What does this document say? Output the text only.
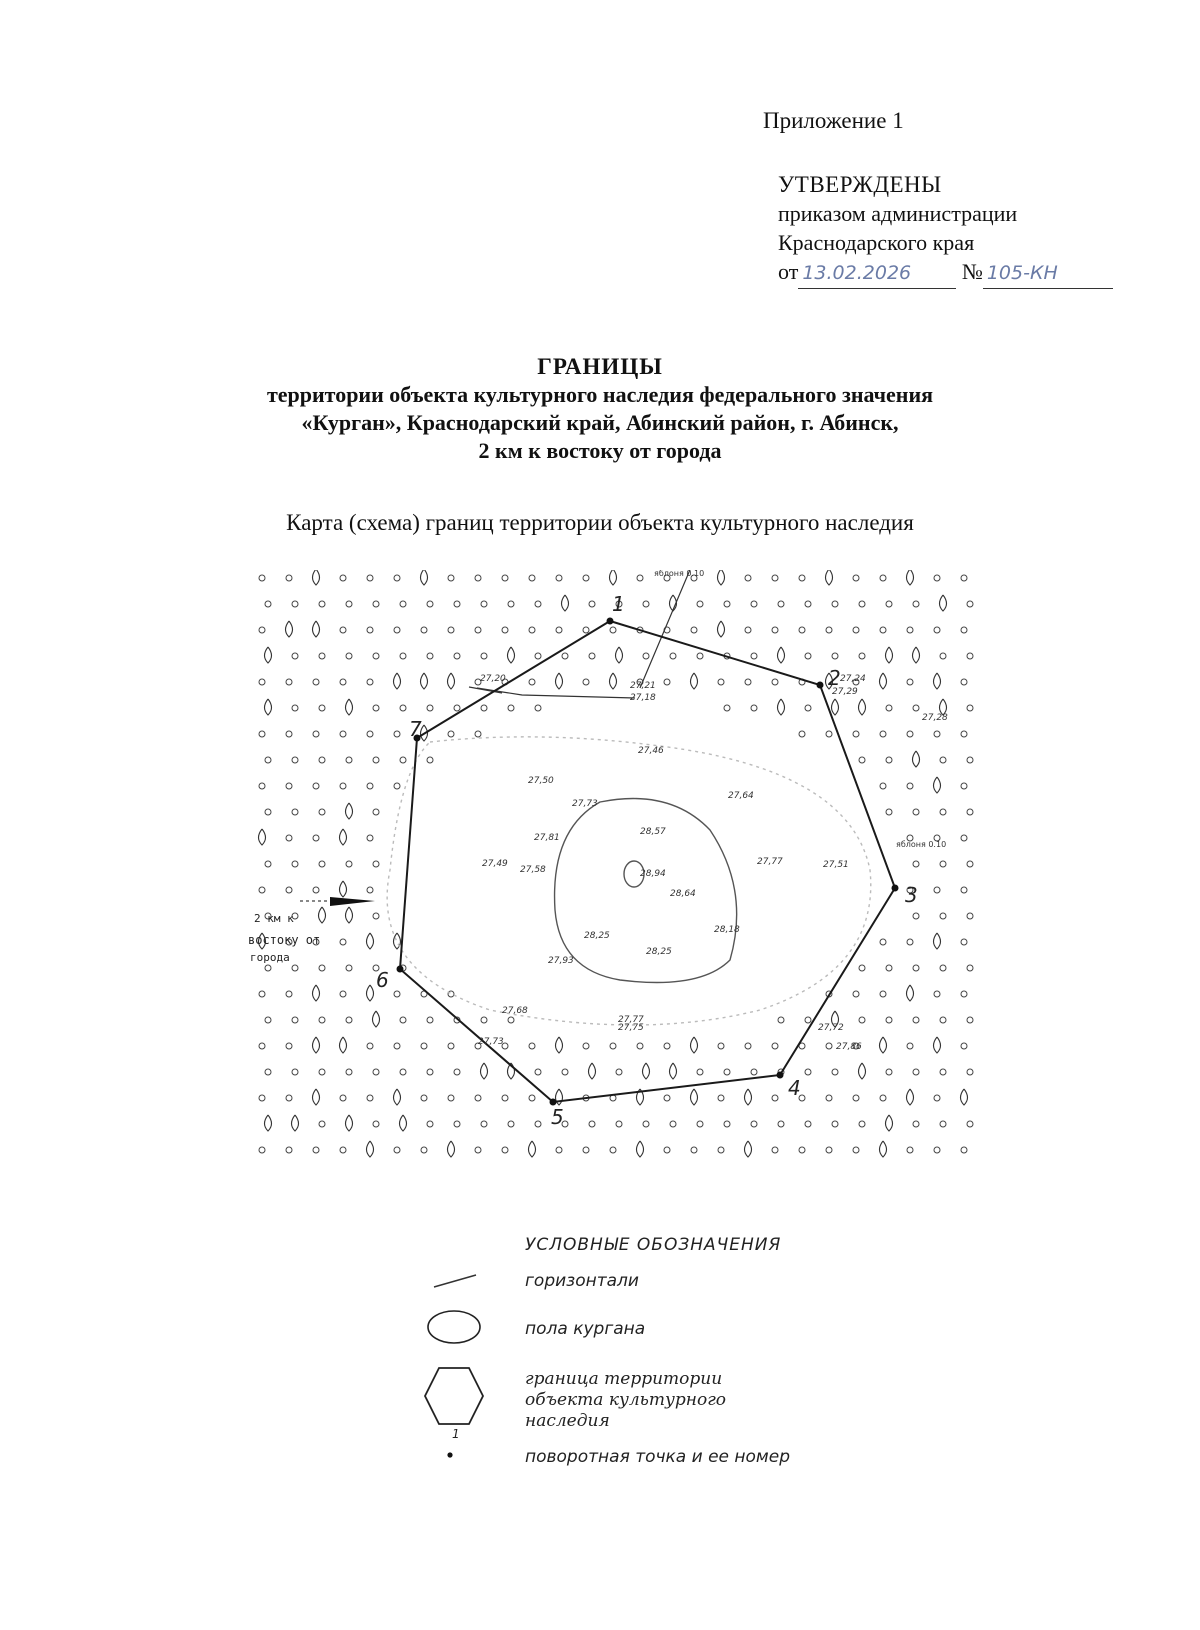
Приложение 1
УТВЕРЖДЕНЫ
приказом администрации
Краснодарского края
от 13.02.2026 № 105-КН
ГРАНИЦЫ
территории объекта культурного наследия федерального значения
«Курган», Краснодарский край, Абинский район, г. Абинск,
2 км к востоку от города
Карта (схема) границ территории объекта культурного наследия
1
2
3
4
5
6
7
27,46
27,50
27,73
27,64
27,81
28,57
27,49
27,58	28,94
27,77	27,51
28,64
28,25
28,18
27,93
28,25
27,68
27,77
27,75
27,73
27,72
27,86
27,21
27,18
27,20	27,24
27,29
27,28
яблоня 0.10
яблоня 0.10
2 км к
востоку от
города
УСЛОВНЫЕ ОБОЗНАЧЕНИЯ
горизонтали
пола кургана
граница территории объекта культурного наследия
1
поворотная точка и ее номер
